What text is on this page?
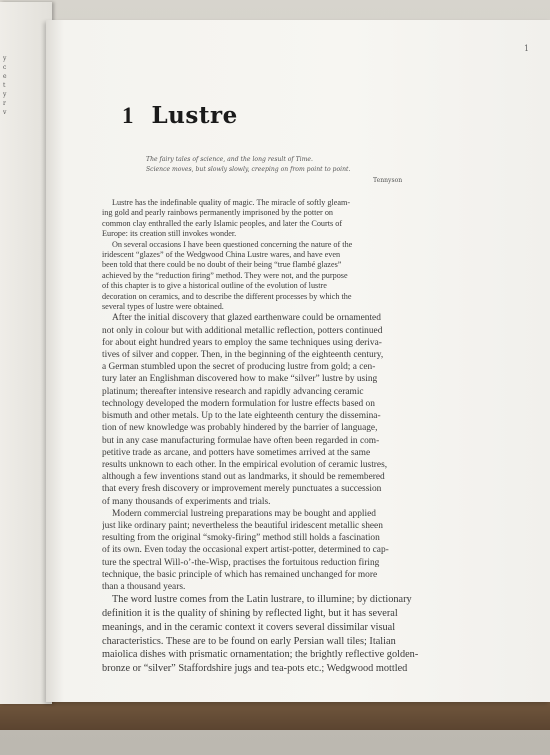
y
c
e
t
y
r
y
1
1 Lustre
The fairy tales of science, and the long result of Time.
Science moves, but slowly slowly, creeping on from point to point.
Tennyson
Lustre has the indefinable quality of magic. The miracle of softly gleam-
ing gold and pearly rainbows permanently imprisoned by the potter on
common clay enthralled the early Islamic peoples, and later the Courts of
Europe: its creation still invokes wonder.
On several occasions I have been questioned concerning the nature of the
iridescent “glazes” of the Wedgwood China Lustre wares, and have even
been told that there could be no doubt of their being “true flambé glazes”
achieved by the “reduction firing” method. They were not, and the purpose
of this chapter is to give a historical outline of the evolution of lustre
decoration on ceramics, and to describe the different processes by which the
several types of lustre were obtained.
After the initial discovery that glazed earthenware could be ornamented
not only in colour but with additional metallic reflection, potters continued
for about eight hundred years to employ the same techniques using deriva-
tives of silver and copper. Then, in the beginning of the eighteenth century,
a German stumbled upon the secret of producing lustre from gold; a cen-
tury later an Englishman discovered how to make “silver” lustre by using
platinum; thereafter intensive research and rapidly advancing ceramic
technology developed the modern formulation for lustre effects based on
bismuth and other metals. Up to the late eighteenth century the dissemina-
tion of new knowledge was probably hindered by the barrier of language,
but in any case manufacturing formulae have often been regarded in com-
petitive trade as arcane, and potters have sometimes arrived at the same
results unknown to each other. In the empirical evolution of ceramic lustres,
although a few inventions stand out as landmarks, it should be remembered
that every fresh discovery or improvement merely punctuates a succession
of many thousands of experiments and trials.
Modern commercial lustreing preparations may be bought and applied
just like ordinary paint; nevertheless the beautiful iridescent metallic sheen
resulting from the original “smoky-firing” method still holds a fascination
of its own. Even today the occasional expert artist-potter, determined to cap-
ture the spectral Will-o’-the-Wisp, practises the fortuitous reduction firing
technique, the basic principle of which has remained unchanged for more
than a thousand years.
The word lustre comes from the Latin lustrare, to illumine; by dictionary
definition it is the quality of shining by reflected light, but it has several
meanings, and in the ceramic context it covers several dissimilar visual
characteristics. These are to be found on early Persian wall tiles; Italian
maiolica dishes with prismatic ornamentation; the brightly reflective golden-
bronze or “silver” Staffordshire jugs and tea-pots etc.; Wedgwood mottled
